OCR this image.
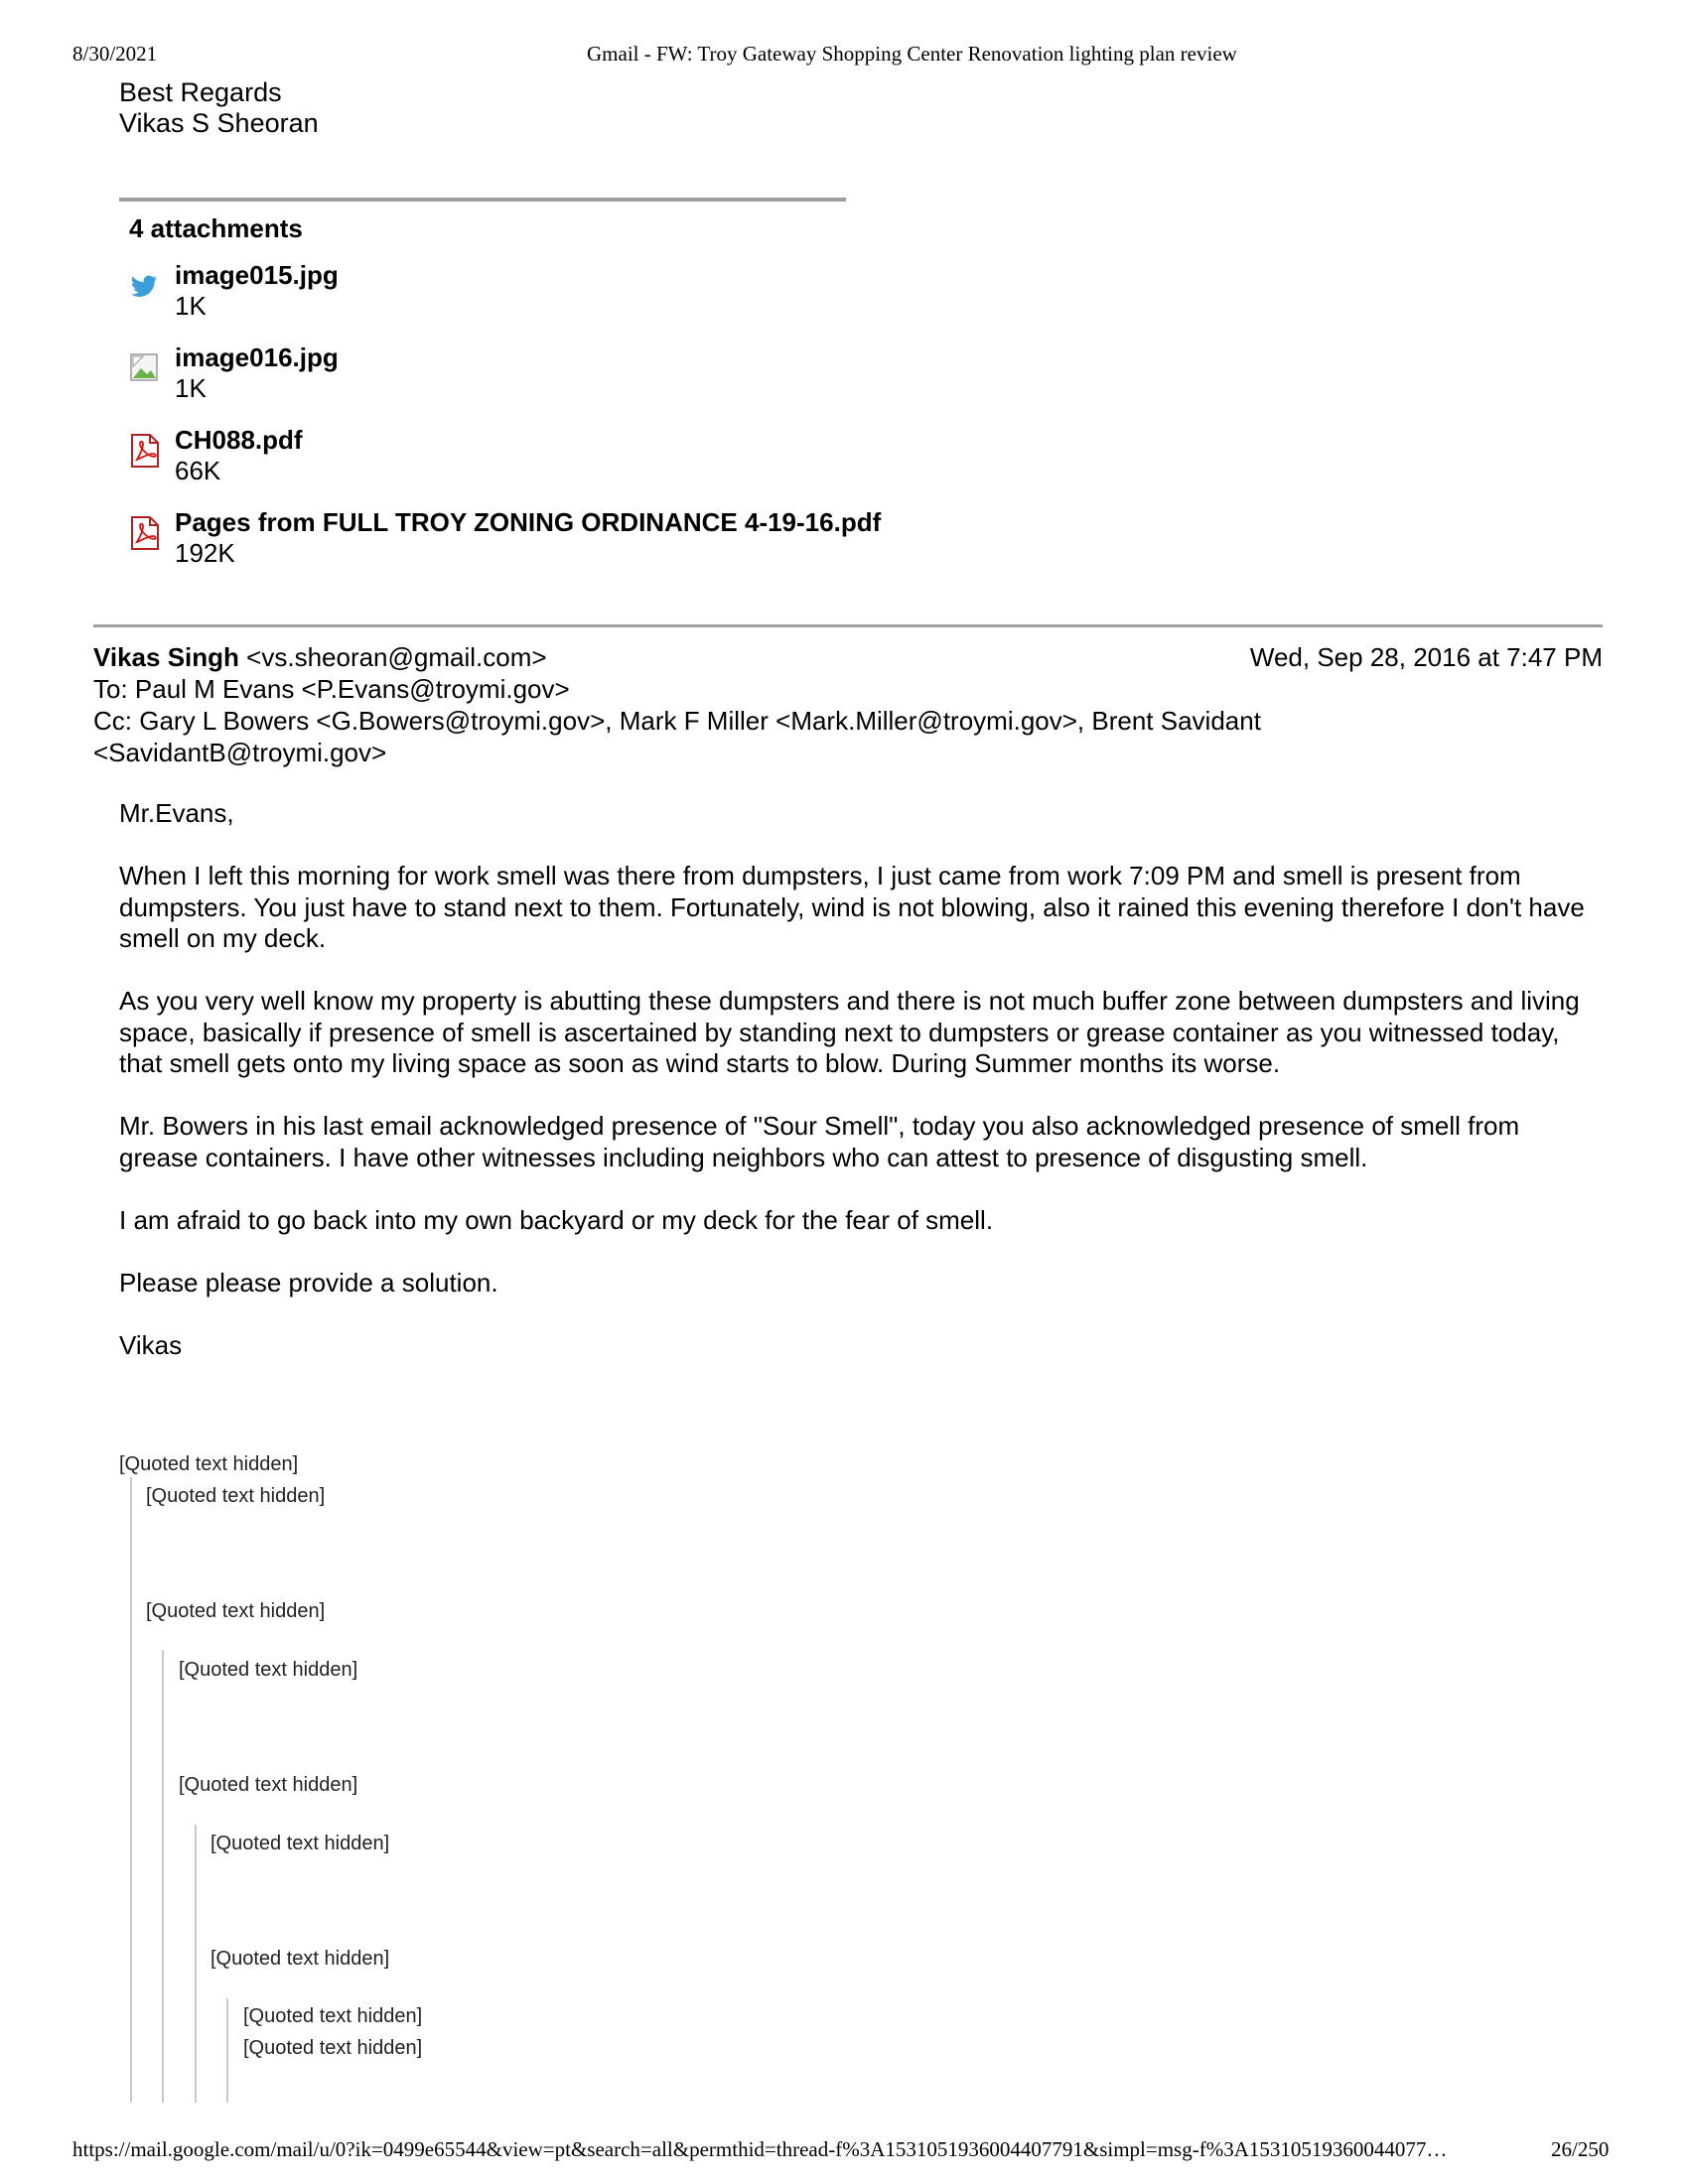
8/30/2021	Gmail - FW: Troy Gateway Shopping Center Renovation lighting plan review
Best Regards
Vikas S Sheoran
4 attachments
image015.jpg
1K
image016.jpg
1K
CH088.pdf
66K
Pages from FULL TROY ZONING ORDINANCE 4-19-16.pdf
192K
Vikas Singh <vs.sheoran@gmail.com>	Wed, Sep 28, 2016 at 7:47 PM
To: Paul M Evans <P.Evans@troymi.gov>
Cc: Gary L Bowers <G.Bowers@troymi.gov>, Mark F Miller <Mark.Miller@troymi.gov>, Brent Savidant
<SavidantB@troymi.gov>

Mr.Evans,

When I left this morning for work smell was there from dumpsters, I just came from work 7:09 PM and smell is present from dumpsters. You just have to stand next to them. Fortunately, wind is not blowing, also it rained this evening therefore I don't have smell on my deck.

As you very well know my property is abutting these dumpsters and there is not much buffer zone between dumpsters and living space, basically if presence of smell is ascertained by standing next to dumpsters or grease container as you witnessed today, that smell gets onto my living space as soon as wind starts to blow. During Summer months its worse.

Mr. Bowers in his last email acknowledged presence of "Sour Smell", today you also acknowledged presence of smell from grease containers. I have other witnesses including neighbors who can attest to presence of disgusting smell.

I am afraid to go back into my own backyard or my deck for the fear of smell.

Please please provide a solution.

Vikas

[Quoted text hidden]
[Quoted text hidden]
[Quoted text hidden]
[Quoted text hidden]
[Quoted text hidden]
[Quoted text hidden]
[Quoted text hidden]
[Quoted text hidden]
[Quoted text hidden]
https://mail.google.com/mail/u/0?ik=0499e65544&view=pt&search=all&permthid=thread-f%3A1531051936004407791&simpl=msg-f%3A15310519360044077…	26/250
